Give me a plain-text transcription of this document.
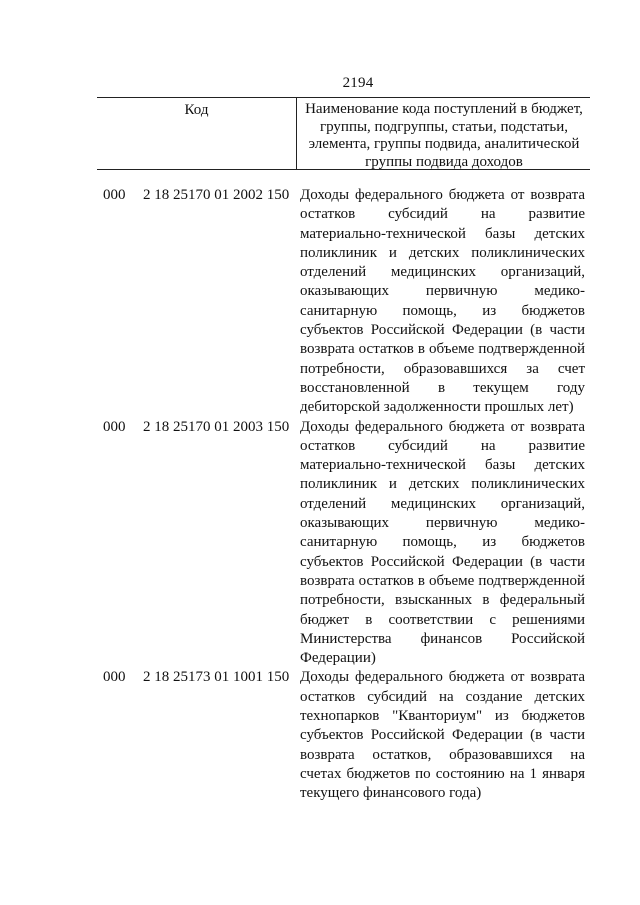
2194
Код	Наименование кода поступлений в бюджет, группы, подгруппы, статьи, подстатьи, элемента, группы подвида, аналитической группы подвида доходов
000 2 18 25170 01 2002 150 Доходы федерального бюджета от возврата остатков субсидий на развитие материально-технической базы детских поликлиник и детских поликлинических отделений медицинских организаций, оказывающих первичную медико-санитарную помощь, из бюджетов субъектов Российской Федерации (в части возврата остатков в объеме подтвержденной потребности, образовавшихся за счет восстановленной в текущем году дебиторской задолженности прошлых лет)
000 2 18 25170 01 2003 150 Доходы федерального бюджета от возврата остатков субсидий на развитие материально-технической базы детских поликлиник и детских поликлинических отделений медицинских организаций, оказывающих первичную медико-санитарную помощь, из бюджетов субъектов Российской Федерации (в части возврата остатков в объеме подтвержденной потребности, взысканных в федеральный бюджет в соответствии с решениями Министерства финансов Российской Федерации)
000 2 18 25173 01 1001 150 Доходы федерального бюджета от возврата остатков субсидий на создание детских технопарков "Кванториум" из бюджетов субъектов Российской Федерации (в части возврата остатков, образовавшихся на счетах бюджетов по состоянию на 1 января текущего финансового года)
